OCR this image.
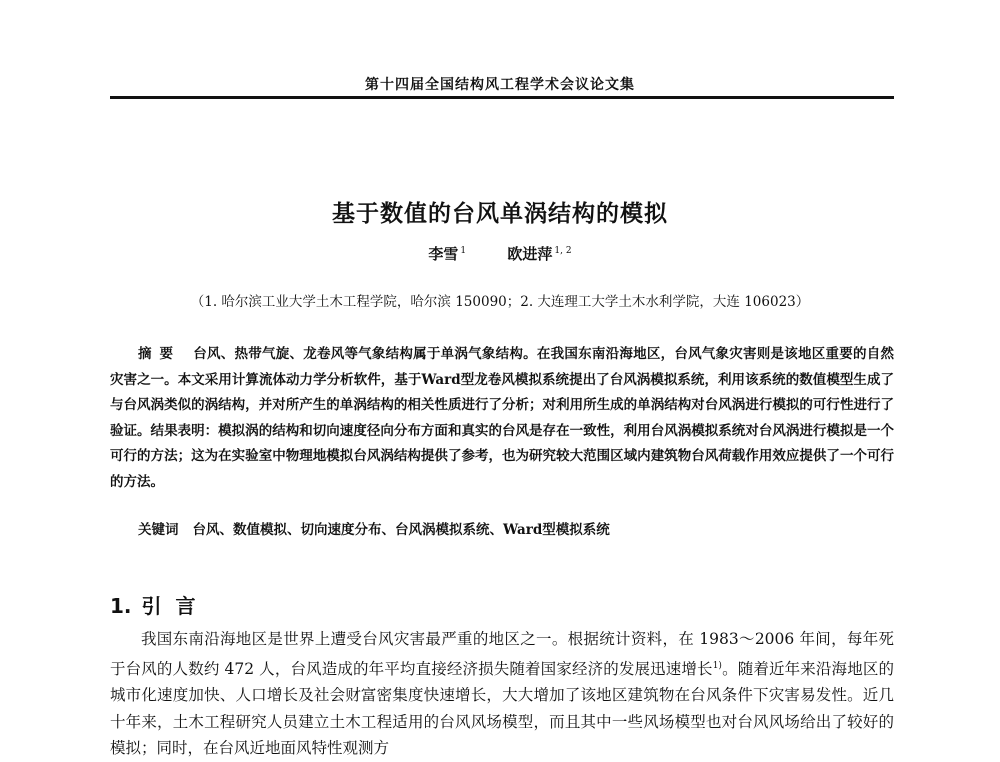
第十四届全国结构风工程学术会议论文集
基于数值的台风单涡结构的模拟
李雪 $^1$	欧进萍 $^{1, 2}$
（1. 哈尔滨工业大学土木工程学院，哈尔滨 150090；2. 大连理工大学土木水利学院，大连 106023）
摘要 台风、热带气旋、龙卷风等气象结构属于单涡气象结构。在我国东南沿海地区，台风气象灾害则是该地区重要的自然灾害之一。本文采用计算流体动力学分析软件，基于Ward型龙卷风模拟系统提出了台风涡模拟系统，利用该系统的数值模型生成了与台风涡类似的涡结构，并对所产生的单涡结构的相关性质进行了分析；对利用所生成的单涡结构对台风涡进行模拟的可行性进行了验证。结果表明：模拟涡的结构和切向速度径向分布方面和真实的台风是存在一致性，利用台风涡模拟系统对台风涡进行模拟是一个可行的方法；这为在实验室中物理地模拟台风涡结构提供了参考，也为研究较大范围区域内建筑物台风荷载作用效应提供了一个可行的方法。
关键词 台风、数值模拟、切向速度分布、台风涡模拟系统、Ward型模拟系统
1. 引言
我国东南沿海地区是世界上遭受台风灾害最严重的地区之一。根据统计资料，在 1983～2006 年间，每年死于台风的人数约 472 人，台风造成的年平均直接经济损失随着国家经济的发展迅速增长$^{1)}$。随着近年来沿海地区的城市化速度加快、人口增长及社会财富密集度快速增长，大大增加了该地区建筑物在台风条件下灾害易发性。近几十年来，土木工程研究人员建立土木工程适用的台风风场模型，而且其中一些风场模型也对台风风场给出了较好的模拟；同时，在台风近地面风特性观测方
